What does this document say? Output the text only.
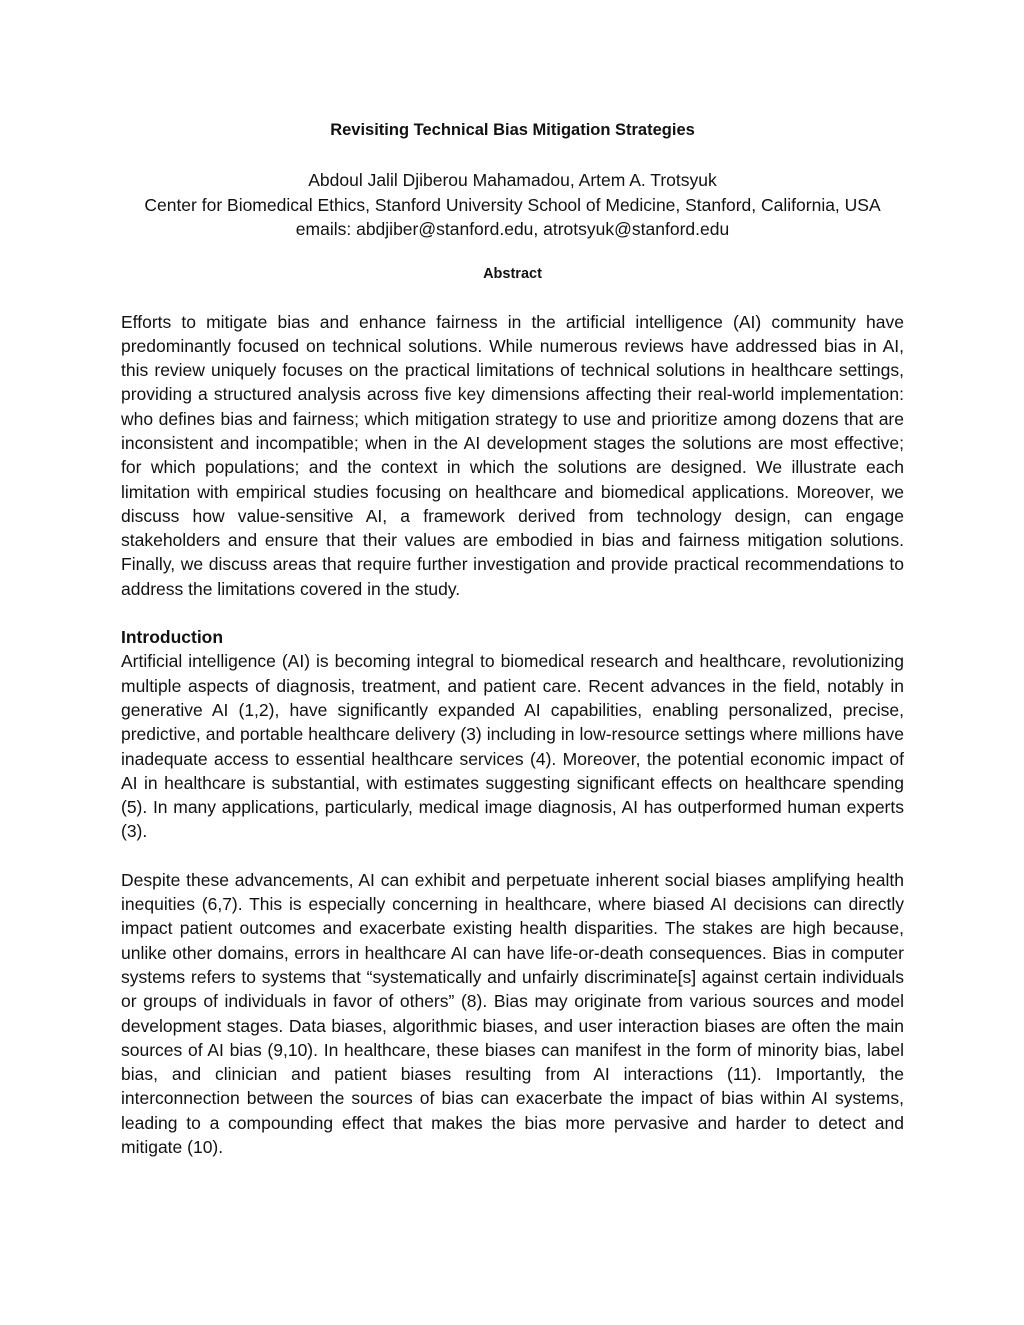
Revisiting Technical Bias Mitigation Strategies

Abdoul Jalil Djiberou Mahamadou, Artem A. Trotsyuk

Center for Biomedical Ethics, Stanford University School of Medicine, Stanford, California, USA

emails: abdjiber@stanford.edu, atrotsyuk@stanford.edu

Abstract

Efforts to mitigate bias and enhance fairness in the artificial intelligence (AI) community have predominantly focused on technical solutions. While numerous reviews have addressed bias in AI, this review uniquely focuses on the practical limitations of technical solutions in healthcare settings, providing a structured analysis across five key dimensions affecting their real-world implementation: who defines bias and fairness; which mitigation strategy to use and prioritize among dozens that are inconsistent and incompatible; when in the AI development stages the solutions are most effective; for which populations; and the context in which the solutions are designed. We illustrate each limitation with empirical studies focusing on healthcare and biomedical applications. Moreover, we discuss how value-sensitive AI, a framework derived from technology design, can engage stakeholders and ensure that their values are embodied in bias and fairness mitigation solutions. Finally, we discuss areas that require further investigation and provide practical recommendations to address the limitations covered in the study.

Introduction

Artificial intelligence (AI) is becoming integral to biomedical research and healthcare, revolutionizing multiple aspects of diagnosis, treatment, and patient care. Recent advances in the field, notably in generative AI (1,2), have significantly expanded AI capabilities, enabling personalized, precise, predictive, and portable healthcare delivery (3) including in low-resource settings where millions have inadequate access to essential healthcare services (4). Moreover, the potential economic impact of AI in healthcare is substantial, with estimates suggesting significant effects on healthcare spending (5). In many applications, particularly, medical image diagnosis, AI has outperformed human experts (3).

Despite these advancements, AI can exhibit and perpetuate inherent social biases amplifying health inequities (6,7). This is especially concerning in healthcare, where biased AI decisions can directly impact patient outcomes and exacerbate existing health disparities. The stakes are high because, unlike other domains, errors in healthcare AI can have life-or-death consequences. Bias in computer systems refers to systems that “systematically and unfairly discriminate[s] against certain individuals or groups of individuals in favor of others” (8). Bias may originate from various sources and model development stages. Data biases, algorithmic biases, and user interaction biases are often the main sources of AI bias (9,10). In healthcare, these biases can manifest in the form of minority bias, label bias, and clinician and patient biases resulting from AI interactions (11). Importantly, the interconnection between the sources of bias can exacerbate the impact of bias within AI systems, leading to a compounding effect that makes the bias more pervasive and harder to detect and mitigate (10).
